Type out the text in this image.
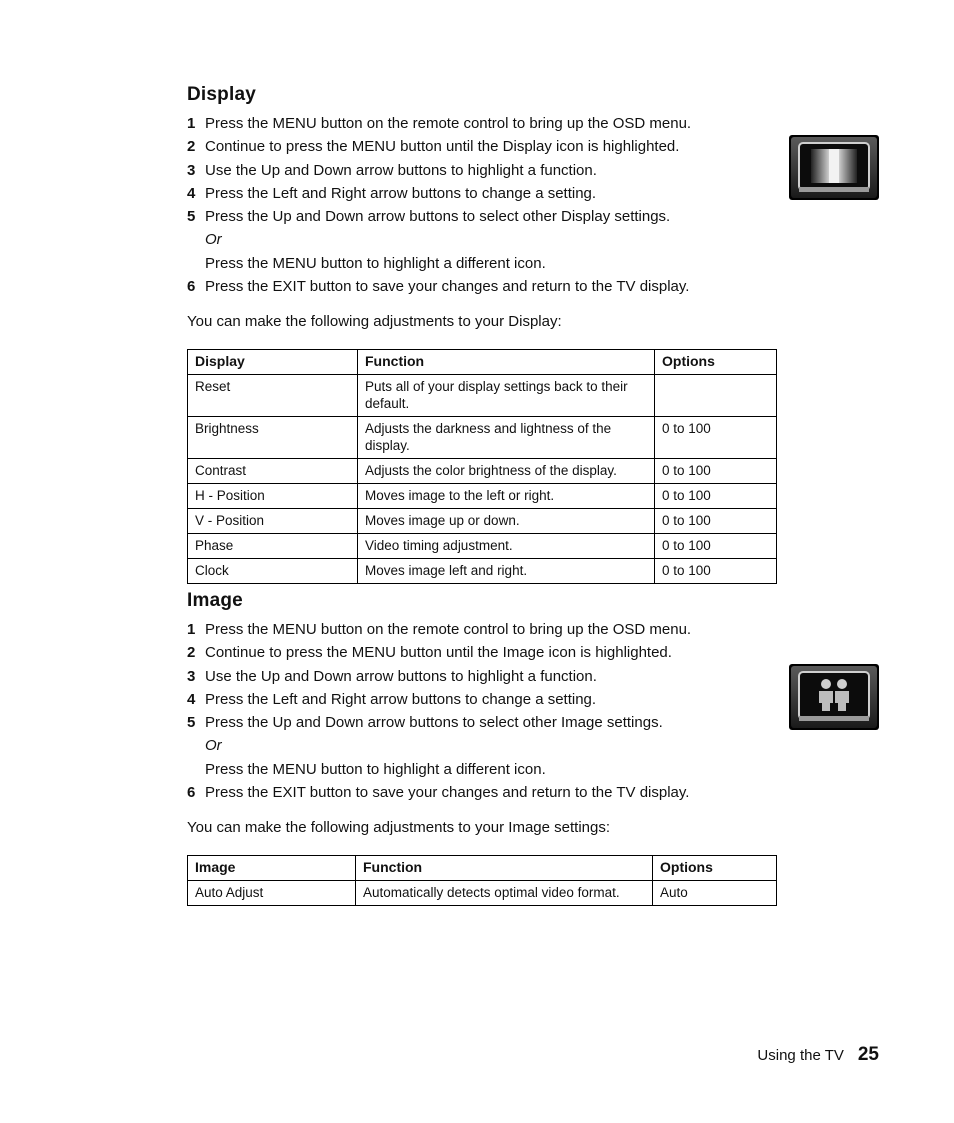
Display
1 Press the MENU button on the remote control to bring up the OSD menu.
2 Continue to press the MENU button until the Display icon is highlighted.
3 Use the Up and Down arrow buttons to highlight a function.
4 Press the Left and Right arrow buttons to change a setting.
5 Press the Up and Down arrow buttons to select other Display settings.
Or
Press the MENU button to highlight a different icon.
6 Press the EXIT button to save your changes and return to the TV display.

You can make the following adjustments to your Display:

Display	Function	Options
Reset	Puts all of your display settings back to their default.	
Brightness	Adjusts the darkness and lightness of the display.	0 to 100
Contrast	Adjusts the color brightness of the display.	0 to 100
H - Position	Moves image to the left or right.	0 to 100
V - Position	Moves image up or down.	0 to 100
Phase	Video timing adjustment.	0 to 100
Clock	Moves image left and right.	0 to 100
Image
1 Press the MENU button on the remote control to bring up the OSD menu.
2 Continue to press the MENU button until the Image icon is highlighted.
3 Use the Up and Down arrow buttons to highlight a function.
4 Press the Left and Right arrow buttons to change a setting.
5 Press the Up and Down arrow buttons to select other Image settings.
Or
Press the MENU button to highlight a different icon.
6 Press the EXIT button to save your changes and return to the TV display.

You can make the following adjustments to your Image settings:

Image	Function	Options
Auto Adjust	Automatically detects optimal video format.	Auto
Using the TV 25
